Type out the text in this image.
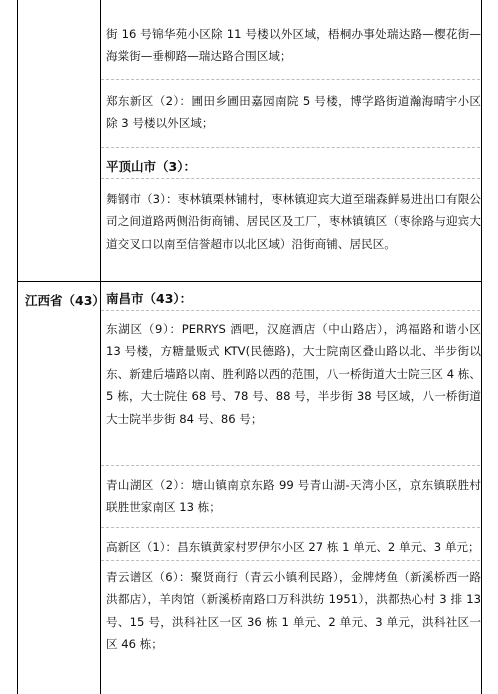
街 16 号锦华苑小区除 11 号楼以外区域，梧桐办事处瑞达路—樱花街—海棠街—垂柳路—瑞达路合围区域；

郑东新区（2）：圃田乡圃田嘉园南院 5 号楼，博学路街道瀚海晴宇小区除 3 号楼以外区域；

平顶山市（3）：

舞钢市（3）：枣林镇栗林铺村，枣林镇迎宾大道至瑞森鲜易进出口有限公司之间道路两侧沿街商铺、居民区及工厂，枣林镇镇区（枣徐路与迎宾大道交叉口以南至信誉超市以北区域）沿街商铺、居民区。

江西省（43） 南昌市（43）：

东湖区（9）：PERRYS 酒吧，汉庭酒店（中山路店），鸿福路和谐小区 13 号楼，方糖量贩式 KTV(民德路)，大士院南区叠山路以北、半步街以东、新建后墙路以南、胜利路以西的范围，八一桥街道大士院三区 4 栋、5 栋，大士院住 68 号、78 号、88 号，半步街 38 号区域，八一桥街道大士院半步街 84 号、86 号；

青山湖区（2）：塘山镇南京东路 99 号青山湖-天湾小区，京东镇联胜村联胜世家南区 13 栋；

高新区（1）：昌东镇黄家村罗伊尔小区 27 栋 1 单元、2 单元、3 单元；

青云谱区（6）：聚贤商行（青云小镇利民路），金牌烤鱼（新溪桥西一路洪都店），羊肉馆（新溪桥南路口万科洪纺 1951），洪都热心村 3 排 13 号、15 号，洪科社区一区 36 栋 1 单元、2 单元、3 单元，洪科社区一区 46 栋；
